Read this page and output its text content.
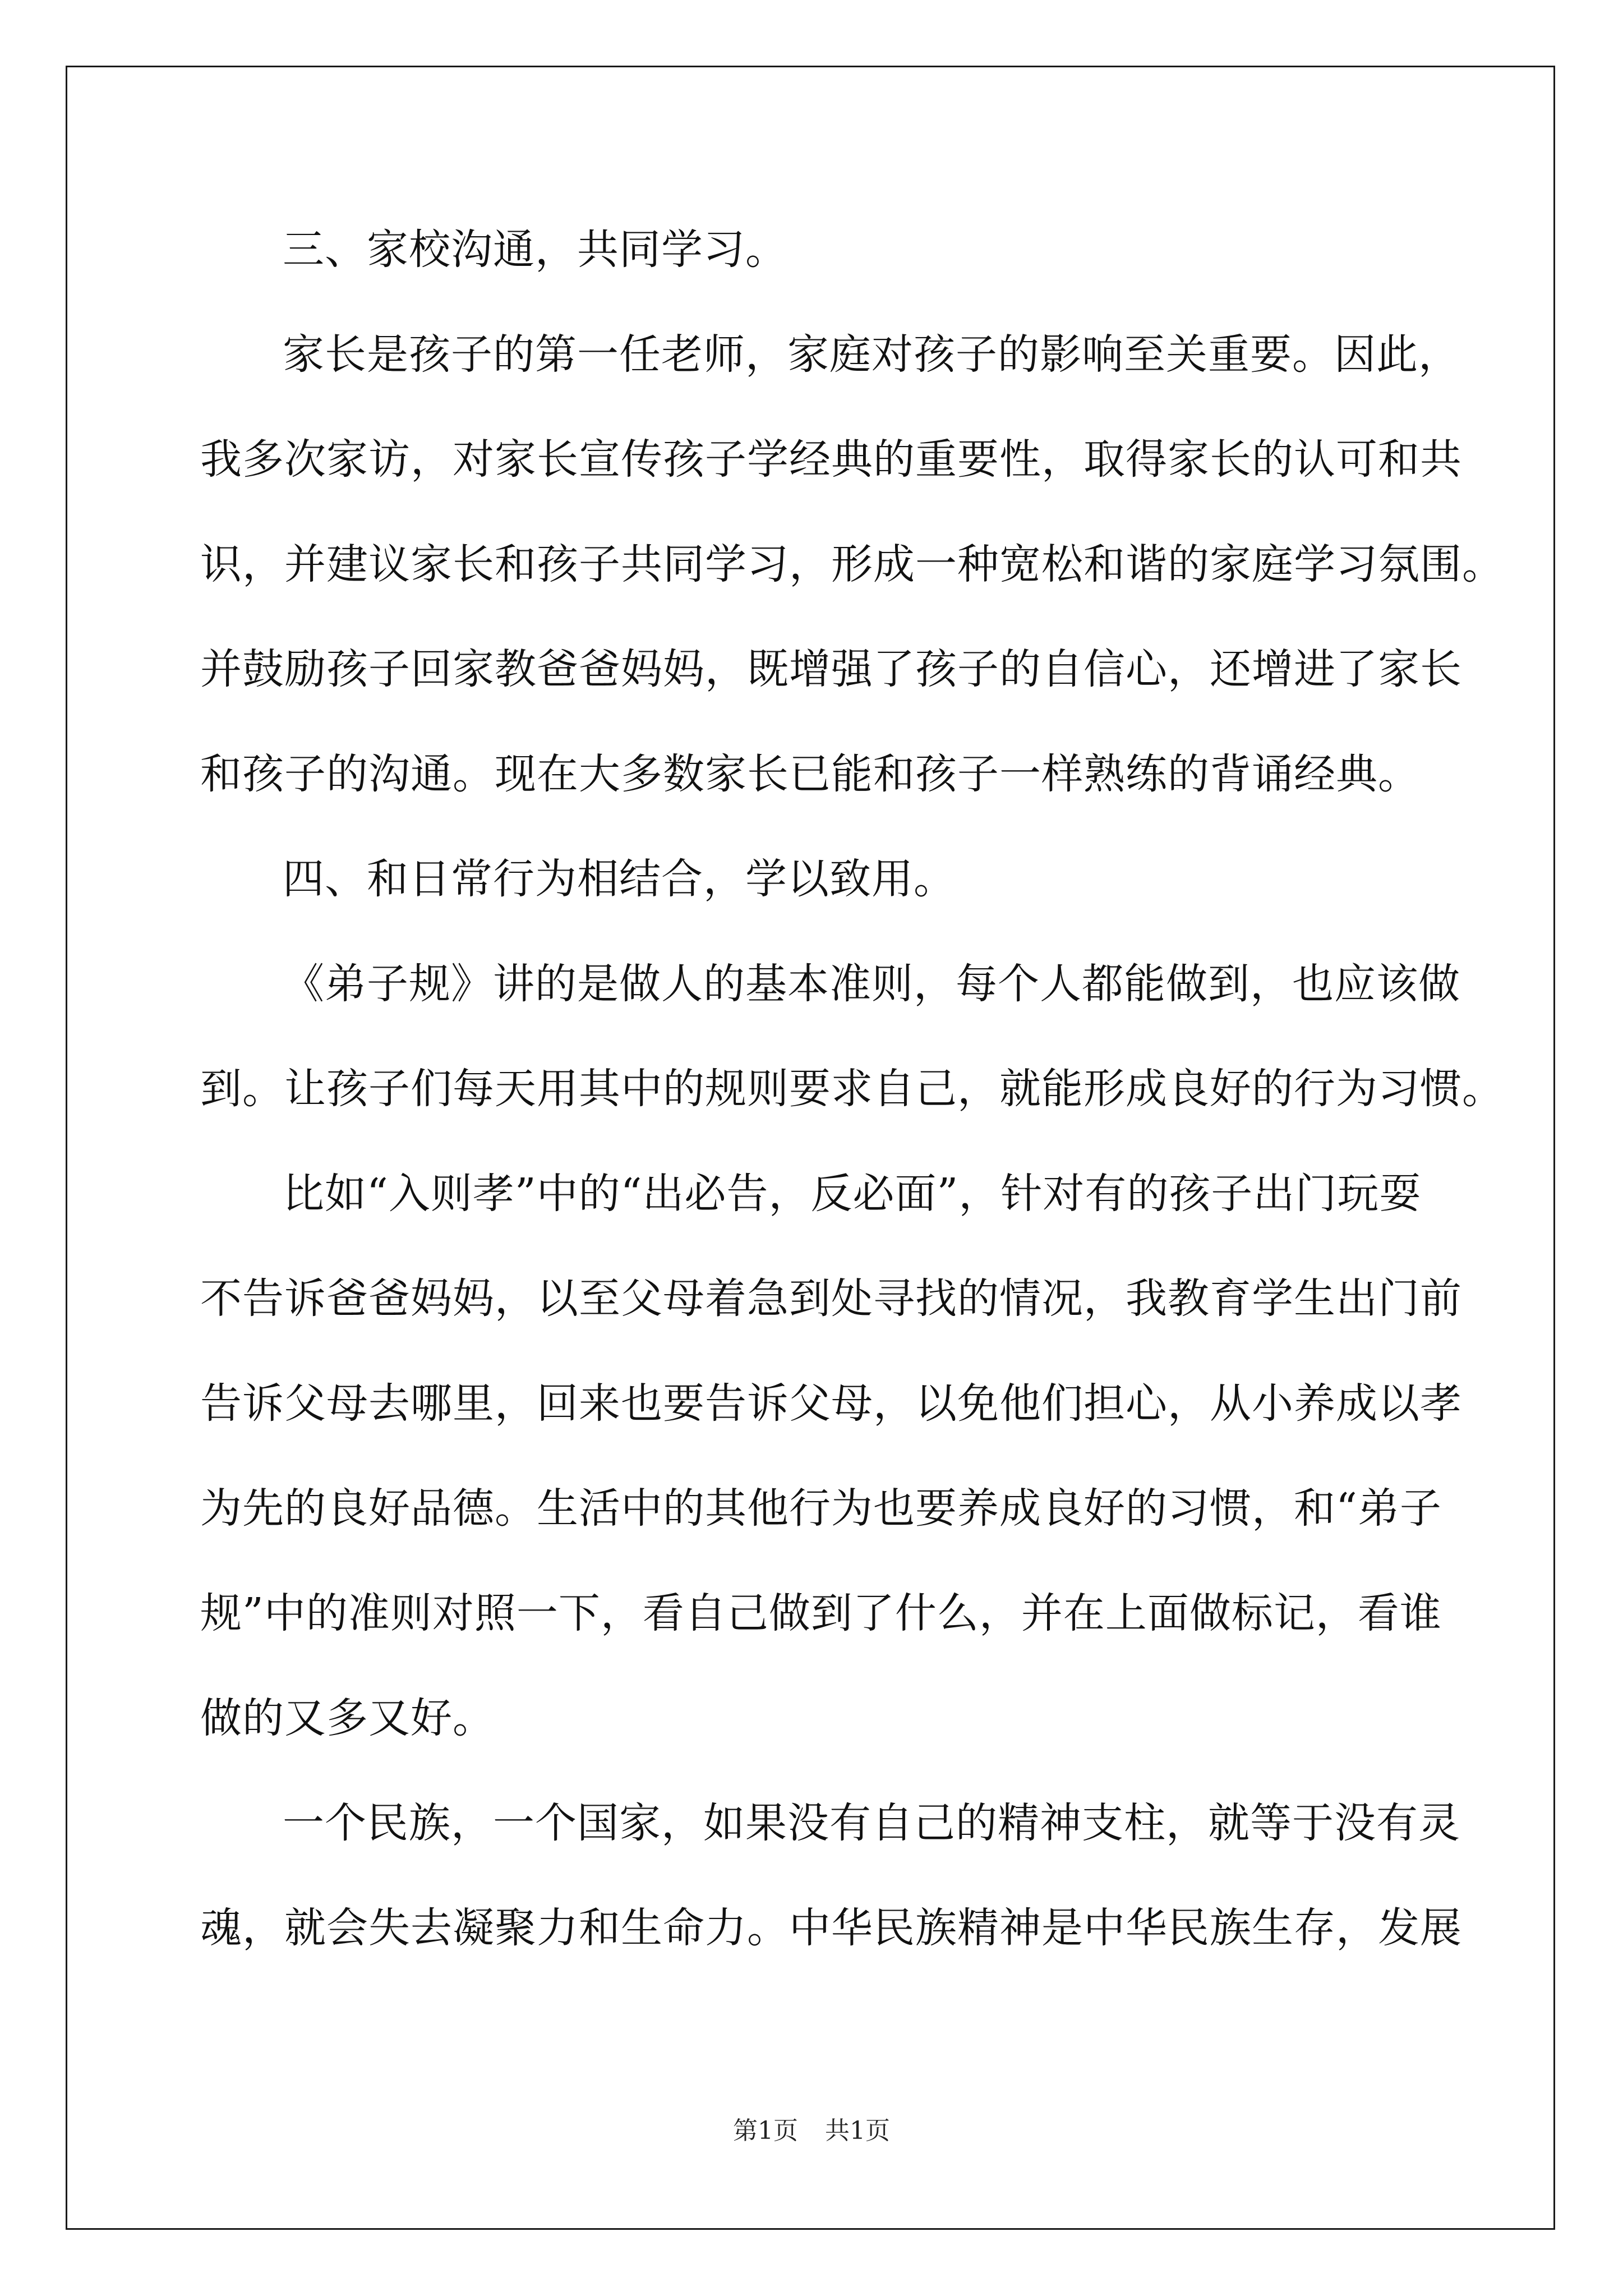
三、家校沟通，共同学习。
家长是孩子的第一任老师，家庭对孩子的影响至关重要。因此，
我多次家访，对家长宣传孩子学经典的重要性，取得家长的认可和共
识，并建议家长和孩子共同学习，形成一种宽松和谐的家庭学习氛围。
并鼓励孩子回家教爸爸妈妈，既增强了孩子的自信心，还增进了家长
和孩子的沟通。现在大多数家长已能和孩子一样熟练的背诵经典。
四、和日常行为相结合，学以致用。
《弟子规》讲的是做人的基本准则，每个人都能做到，也应该做
到。让孩子们每天用其中的规则要求自己，就能形成良好的行为习惯。
比如“入则孝”中的“出必告，反必面”，针对有的孩子出门玩耍
不告诉爸爸妈妈，以至父母着急到处寻找的情况，我教育学生出门前
告诉父母去哪里，回来也要告诉父母，以免他们担心，从小养成以孝
为先的良好品德。生活中的其他行为也要养成良好的习惯，和“弟子
规”中的准则对照一下，看自己做到了什么，并在上面做标记，看谁
做的又多又好。
一个民族，一个国家，如果没有自己的精神支柱，就等于没有灵
魂，就会失去凝聚力和生命力。中华民族精神是中华民族生存，发展
第1页 共1页
